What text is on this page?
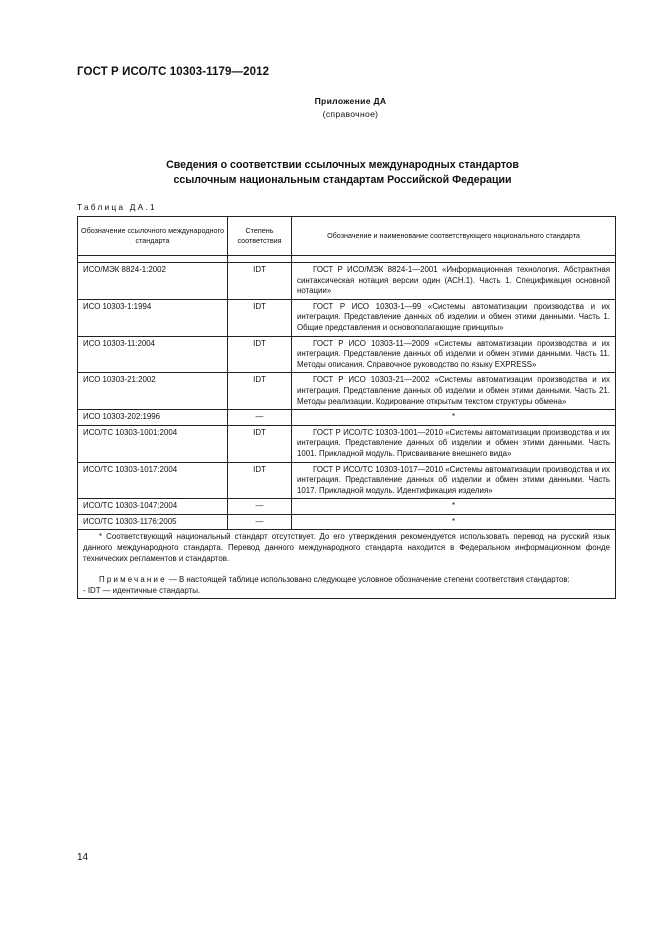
ГОСТ Р ИСО/ТС 10303-1179—2012
Приложение ДА
(справочное)
Сведения о соответствии ссылочных международных стандартов
ссылочным национальным стандартам Российской Федерации
Таблица ДА.1
Обозначение ссылочного международного стандарта	Степень соответствия	Обозначение и наименование соответствующего национального стандарта

ИСО/МЭК 8824-1:2002	IDT	ГОСТ Р ИСО/МЭК 8824-1—2001 «Информационная технология. Абстрактная синтаксическая нотация версии один (АСН.1). Часть 1. Спецификация основной нотации»
ИСО 10303-1:1994	IDT	ГОСТ Р ИСО 10303-1—99 «Системы автоматизации производства и их интеграция. Представление данных об изделии и обмен этими данными. Часть 1. Общие представления и основополагающие принципы»
ИСО 10303-11:2004	IDT	ГОСТ Р ИСО 10303-11—2009 «Системы автоматизации производства и их интеграция. Представление данных об изделии и обмен этими данными. Часть 11. Методы описания. Справочное руководство по языку EXPRESS»
ИСО 10303-21:2002	IDT	ГОСТ Р ИСО 10303-21—2002 «Системы автоматизации производства и их интеграция. Представление данных об изделии и обмен этими данными. Часть 21. Методы реализации. Кодирование открытым текстом структуры обмена»
ИСО 10303-202:1996	—	*
ИСО/ТС 10303-1001:2004	IDT	ГОСТ Р ИСО/ТС 10303-1001—2010 «Системы автоматизации производства и их интеграция. Представление данных об изделии и обмен этими данными. Часть 1001. Прикладной модуль. Присваивание внешнего вида»
ИСО/ТС 10303-1017:2004	IDT	ГОСТ Р ИСО/ТС 10303-1017—2010 «Системы автоматизации производства и их интеграция. Представление данных об изделии и обмен этими данными. Часть 1017. Прикладной модуль. Идентификация изделия»
ИСО/ТС 10303-1047:2004	—	*
ИСО/ТС 10303-1176:2005	—	*

* Соответствующий национальный стандарт отсутствует. До его утверждения рекомендуется использовать перевод на русский язык данного международного стандарта. Перевод данного международного стандарта находится в Федеральном информационном фонде технических регламентов и стандартов.
Примечание — В настоящей таблице использовано следующее условное обозначение степени соответствия стандартов:
- IDT — идентичные стандарты.		
14
